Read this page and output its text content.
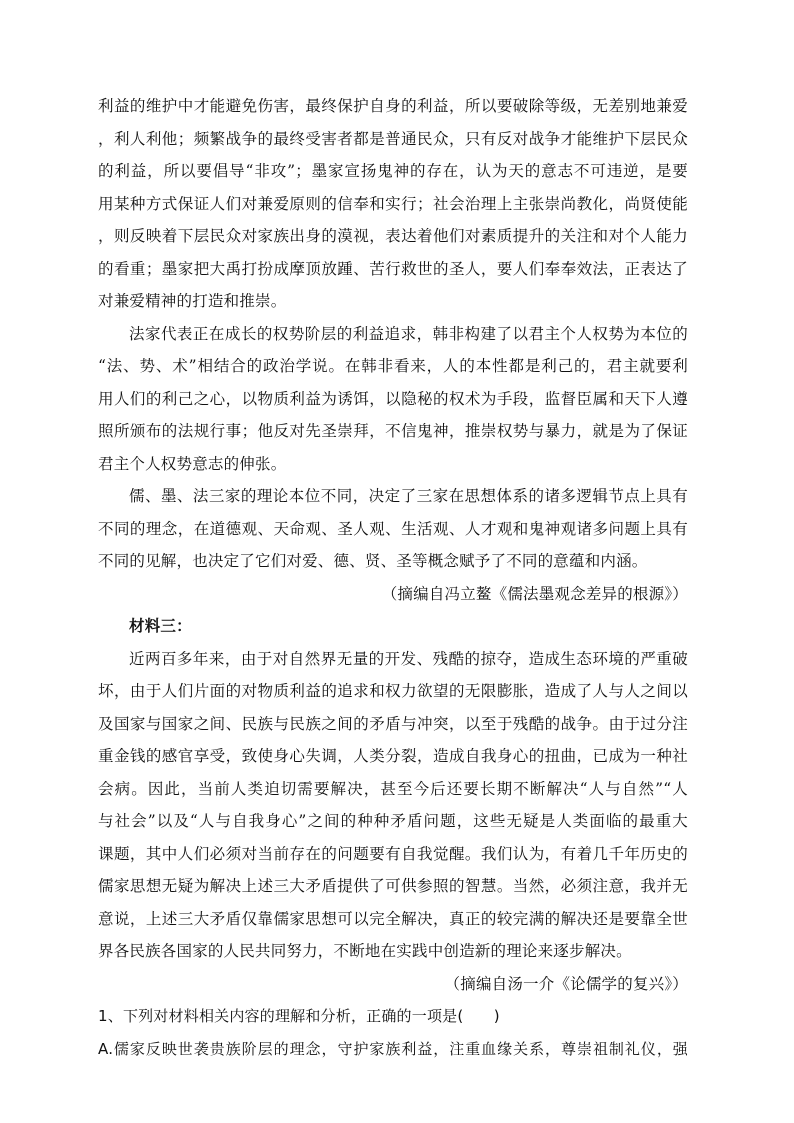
利益的维护中才能避免伤害，最终保护自身的利益，所以要破除等级，无差别地兼爱
，利人利他；频繁战争的最终受害者都是普通民众，只有反对战争才能维护下层民众
的利益，所以要倡导“非攻”；墨家宣扬鬼神的存在，认为天的意志不可违逆，是要
用某种方式保证人们对兼爱原则的信奉和实行；社会治理上主张崇尚教化，尚贤使能
，则反映着下层民众对家族出身的漠视，表达着他们对素质提升的关注和对个人能力
的看重；墨家把大禹打扮成摩顶放踵、苦行救世的圣人，要人们奉奉效法，正表达了
对兼爱精神的打造和推崇。
法家代表正在成长的权势阶层的利益追求，韩非构建了以君主个人权势为本位的
“法、势、术”相结合的政治学说。在韩非看来，人的本性都是利己的，君主就要利
用人们的利己之心，以物质利益为诱饵，以隐秘的权术为手段，监督臣属和天下人遵
照所颁布的法规行事；他反对先圣崇拜，不信鬼神，推崇权势与暴力，就是为了保证
君主个人权势意志的伸张。
儒、墨、法三家的理论本位不同，决定了三家在思想体系的诸多逻辑节点上具有
不同的理念，在道德观、天命观、圣人观、生活观、人才观和鬼神观诸多问题上具有
不同的见解，也决定了它们对爱、德、贤、圣等概念赋予了不同的意蕴和内涵。
（摘编自冯立鳌《儒法墨观念差异的根源》）
材料三：
近两百多年来，由于对自然界无量的开发、残酷的掠夺，造成生态环境的严重破
坏，由于人们片面的对物质利益的追求和权力欲望的无限膨胀，造成了人与人之间以
及国家与国家之间、民族与民族之间的矛盾与冲突，以至于残酷的战争。由于过分注
重金钱的感官享受，致使身心失调，人类分裂，造成自我身心的扭曲，已成为一种社
会病。因此，当前人类迫切需要解决，甚至今后还要长期不断解决“人与自然”“人
与社会”以及“人与自我身心”之间的种种矛盾问题，这些无疑是人类面临的最重大
课题，其中人们必须对当前存在的问题要有自我觉醒。我们认为，有着几千年历史的
儒家思想无疑为解决上述三大矛盾提供了可供参照的智慧。当然，必须注意，我并无
意说，上述三大矛盾仅靠儒家思想可以完全解决，真正的较完满的解决还是要靠全世
界各民族各国家的人民共同努力，不断地在实践中创造新的理论来逐步解决。
（摘编自汤一介《论儒学的复兴》）
1、下列对材料相关内容的理解和分析，正确的一项是(　　)
A.儒家反映世袭贵族阶层的理念，守护家族利益，注重血缘关系，尊崇祖制礼仪，强
